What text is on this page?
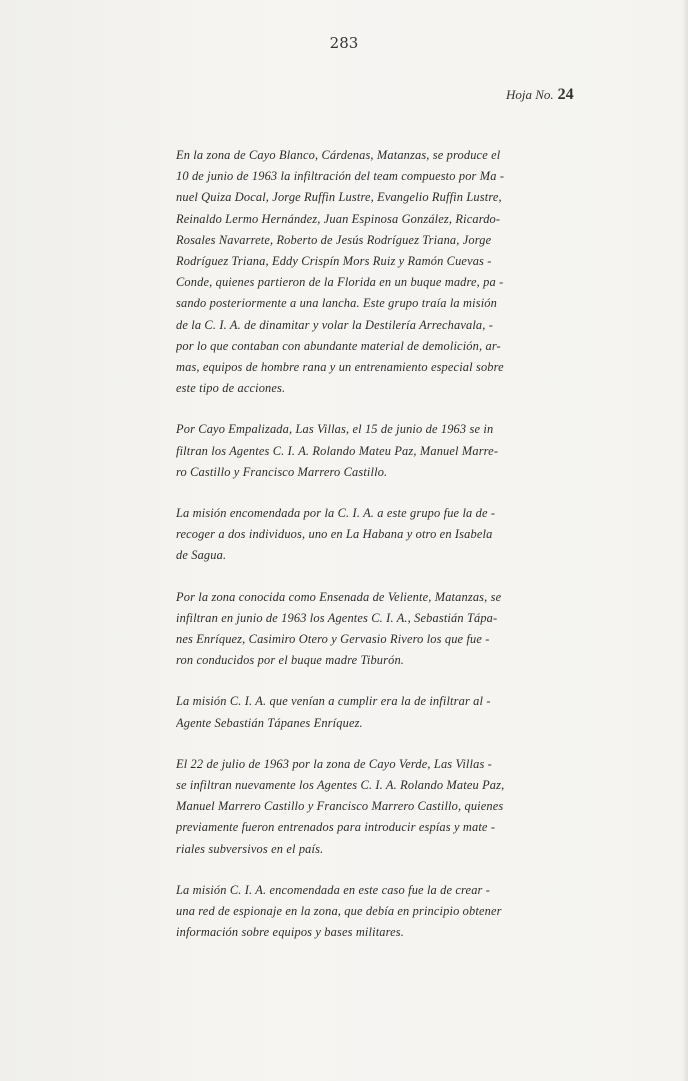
283
Hoja No. 24
En la zona de Cayo Blanco, Cárdenas, Matanzas, se produce el
10 de junio de 1963 la infiltración del team compuesto por Ma -
nuel Quiza Docal, Jorge Ruffin Lustre, Evangelio Ruffin Lustre,
Reinaldo Lermo Hernández, Juan Espinosa González, Ricardo-
Rosales Navarrete, Roberto de Jesús Rodríguez Triana, Jorge
Rodríguez Triana, Eddy Crispín Mors Ruiz y Ramón Cuevas -
Conde, quienes partieron de la Florida en un buque madre, pa -
sando posteriormente a una lancha. Este grupo traía la misión
de la C. I. A. de dinamitar y volar la Destilería Arrechavala, -
por lo que contaban con abundante material de demolición, ar-
mas, equipos de hombre rana y un entrenamiento especial sobre
este tipo de acciones.
Por Cayo Empalizada, Las Villas, el 15 de junio de 1963 se in
filtran los Agentes C. I. A. Rolando Mateu Paz, Manuel Marre-
ro Castillo y Francisco Marrero Castillo.
La misión encomendada por la C. I. A. a este grupo fue la de -
recoger a dos individuos, uno en La Habana y otro en Isabela
de Sagua.
Por la zona conocida como Ensenada de Veliente, Matanzas, se
infiltran en junio de 1963 los Agentes C. I. A., Sebastián Tápa-
nes Enríquez, Casimiro Otero y Gervasio Rivero los que fue -
ron conducidos por el buque madre Tiburón.
La misión C. I. A. que venían a cumplir era la de infiltrar al -
Agente Sebastián Tápanes Enríquez.
El 22 de julio de 1963 por la zona de Cayo Verde, Las Villas -
se infiltran nuevamente los Agentes C. I. A. Rolando Mateu Paz,
Manuel Marrero Castillo y Francisco Marrero Castillo, quienes
previamente fueron entrenados para introducir espías y mate -
riales subversivos en el país.
La misión C. I. A. encomendada en este caso fue la de crear -
una red de espionaje en la zona, que debía en principio obtener
información sobre equipos y bases militares.
